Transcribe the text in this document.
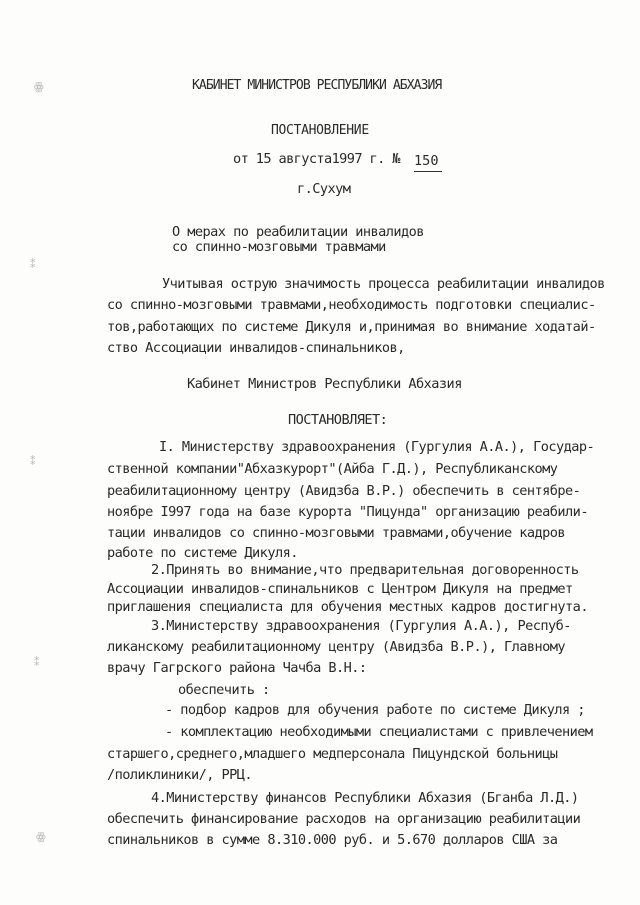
ꙮ
⁑
⁑
⁑
ꙮ
КАБИНЕТ МИНИСТРОВ РЕСПУБЛИКИ АБХАЗИЯ
ПОСТАНОВЛЕНИЕ
от 15 августа1997 г. № 150
г.Сухум
О мерах по реабилитации инвалидов
со спинно-мозговыми травмами
Учитывая острую значимость процесса реабилитации инвалидов
со спинно-мозговыми травмами,необходимость подготовки специалис-
тов,работающих по системе Дикуля и,принимая во внимание ходатай-
ство Ассоциации инвалидов-спинальников,
Кабинет Министров Республики Абхазия
ПОСТАНОВЛЯЕТ:
I. Министерству здравоохранения (Гургулия А.А.), Государ-
ственной компании"Абхазкурорт"(Айба Г.Д.), Республиканскому
реабилитационному центру (Авидзба В.Р.) обеспечить в сентябре-
ноябре I997 года на базе курорта "Пицунда" организацию реабили-
тации инвалидов со спинно-мозговыми травмами,обучение кадров
работе по системе Дикуля.
2.Принять во внимание,что предварительная договоренность
Ассоциации инвалидов-спинальников с Центром Дикуля на предмет
приглашения специалиста для обучения местных кадров достигнута.
3.Министерству здравоохранения (Гургулия А.А.), Респуб-
ликанскому реабилитационному центру (Авидзба В.Р.), Главному
врачу Гагрского района Чачба В.Н.:
обеспечить :
- подбор кадров для обучения работе по системе Дикуля ;
- комплектацию необходимыми специалистами с привлечением
старшего,среднего,младшего медперсонала Пицундской больницы
/поликлиники/, РРЦ.
4.Министерству финансов Республики Абхазия (Бганба Л.Д.)
обеспечить финансирование расходов на организацию реабилитации
спинальников в сумме 8.310.000 руб. и 5.670 долларов США за
